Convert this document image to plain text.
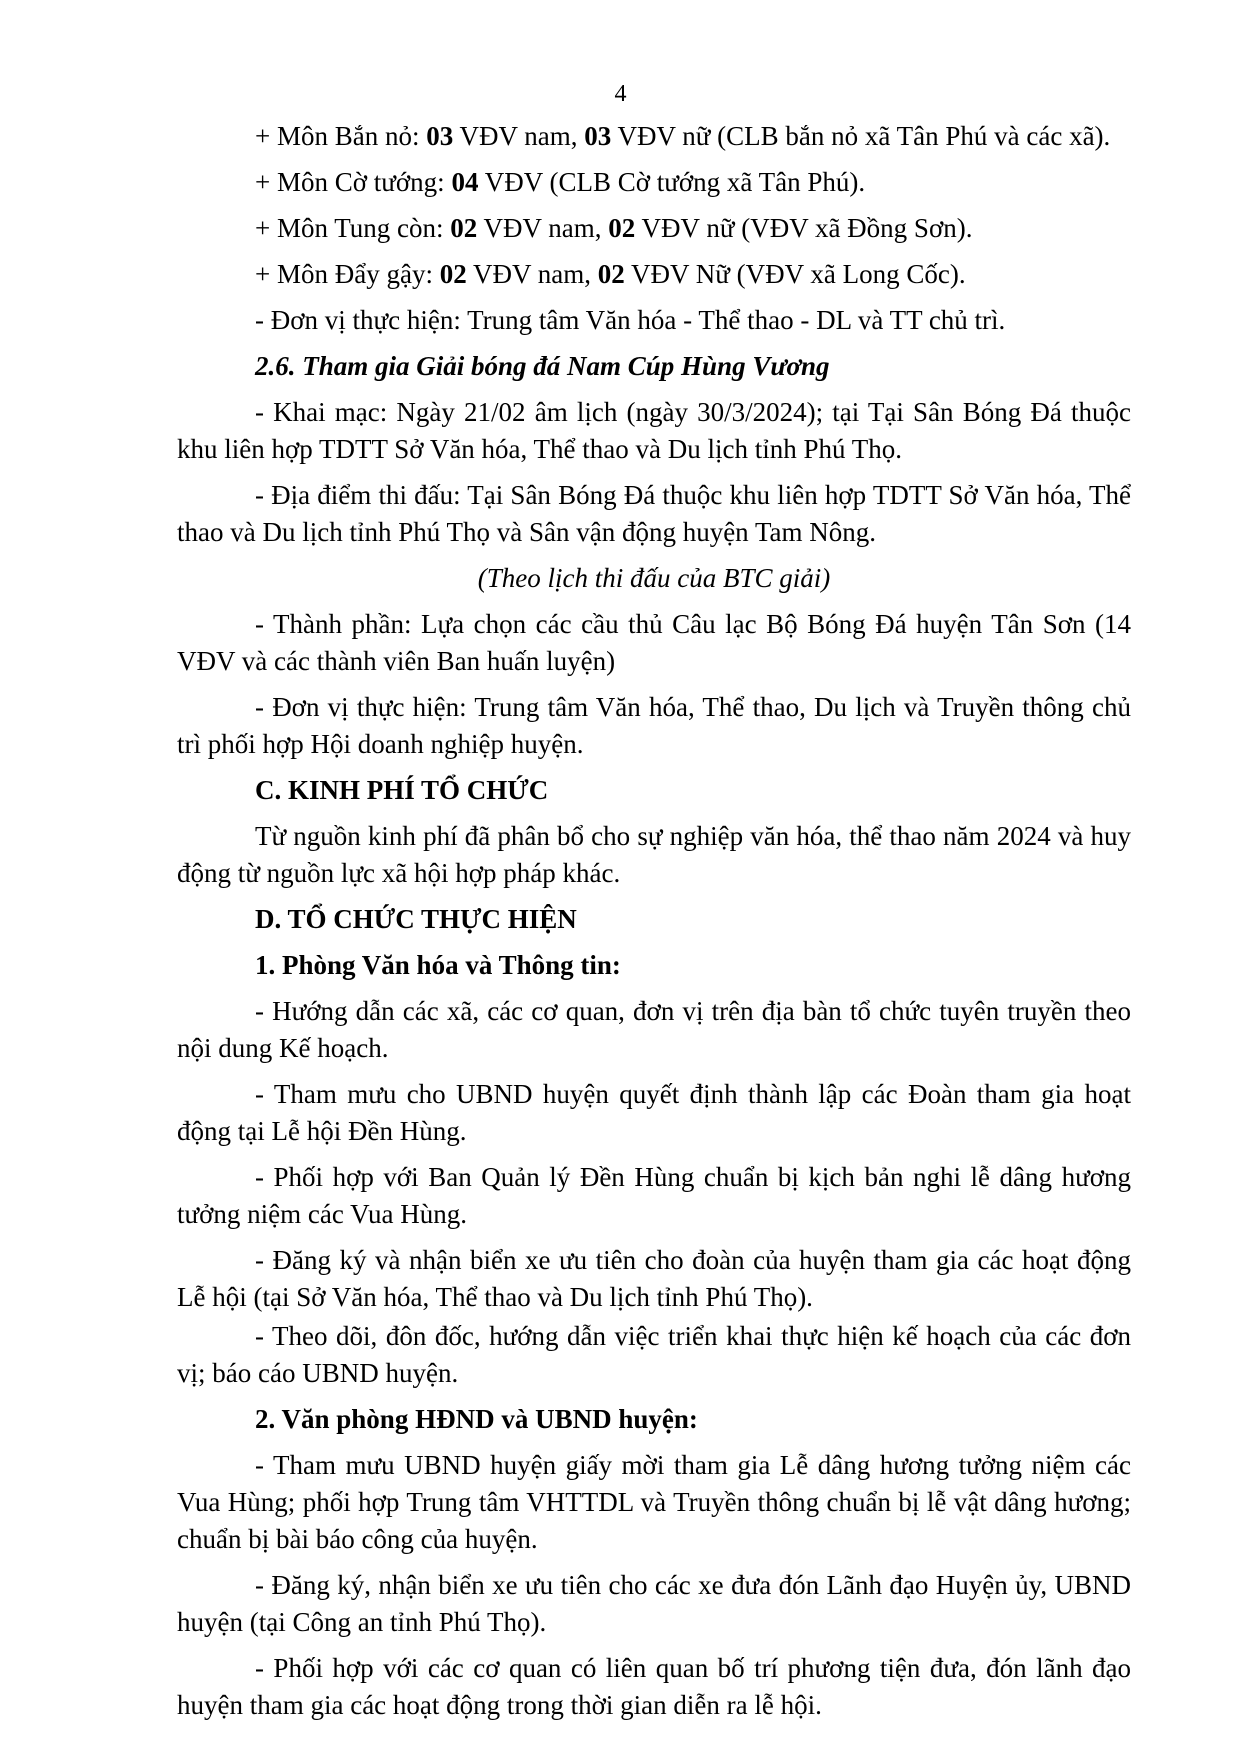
4

+ Môn Bắn nỏ: 03 VĐV nam, 03 VĐV nữ (CLB bắn nỏ xã Tân Phú và các xã).

+ Môn Cờ tướng: 04 VĐV (CLB Cờ tướng xã Tân Phú).

+ Môn Tung còn: 02 VĐV nam, 02 VĐV nữ (VĐV xã Đồng Sơn).

+ Môn Đẩy gậy: 02 VĐV nam, 02 VĐV Nữ (VĐV xã Long Cốc).

- Đơn vị thực hiện: Trung tâm Văn hóa - Thể thao - DL và TT chủ trì.

2.6. Tham gia Giải bóng đá Nam Cúp Hùng Vương

- Khai mạc: Ngày 21/02 âm lịch (ngày 30/3/2024); tại Tại Sân Bóng Đá thuộc khu liên hợp TDTT Sở Văn hóa, Thể thao và Du lịch tỉnh Phú Thọ.

- Địa điểm thi đấu: Tại Sân Bóng Đá thuộc khu liên hợp TDTT Sở Văn hóa, Thể thao và Du lịch tỉnh Phú Thọ và Sân vận động huyện Tam Nông.

(Theo lịch thi đấu của BTC giải)

- Thành phần: Lựa chọn các cầu thủ Câu lạc Bộ Bóng Đá huyện Tân Sơn (14 VĐV và các thành viên Ban huấn luyện)

- Đơn vị thực hiện: Trung tâm Văn hóa, Thể thao, Du lịch và Truyền thông chủ trì phối hợp Hội doanh nghiệp huyện.

C. KINH PHÍ TỔ CHỨC

Từ nguồn kinh phí đã phân bổ cho sự nghiệp văn hóa, thể thao năm 2024 và huy động từ nguồn lực xã hội hợp pháp khác.

D. TỔ CHỨC THỰC HIỆN

1. Phòng Văn hóa và Thông tin:

- Hướng dẫn các xã, các cơ quan, đơn vị trên địa bàn tổ chức tuyên truyền theo nội dung Kế hoạch.

- Tham mưu cho UBND huyện quyết định thành lập các Đoàn tham gia hoạt động tại Lễ hội Đền Hùng.

- Phối hợp với Ban Quản lý Đền Hùng chuẩn bị kịch bản nghi lễ dâng hương tưởng niệm các Vua Hùng.

- Đăng ký và nhận biển xe ưu tiên cho đoàn của huyện tham gia các hoạt động Lễ hội (tại Sở Văn hóa, Thể thao và Du lịch tỉnh Phú Thọ).

- Theo dõi, đôn đốc, hướng dẫn việc triển khai thực hiện kế hoạch của các đơn vị; báo cáo UBND huyện.

2. Văn phòng HĐND và UBND huyện:

- Tham mưu UBND huyện giấy mời tham gia Lễ dâng hương tưởng niệm các Vua Hùng; phối hợp Trung tâm VHTTDL và Truyền thông chuẩn bị lễ vật dâng hương; chuẩn bị bài báo công của huyện.

- Đăng ký, nhận biển xe ưu tiên cho các xe đưa đón Lãnh đạo Huyện ủy, UBND huyện (tại Công an tỉnh Phú Thọ).

- Phối hợp với các cơ quan có liên quan bố trí phương tiện đưa, đón lãnh đạo huyện tham gia các hoạt động trong thời gian diễn ra lễ hội.
